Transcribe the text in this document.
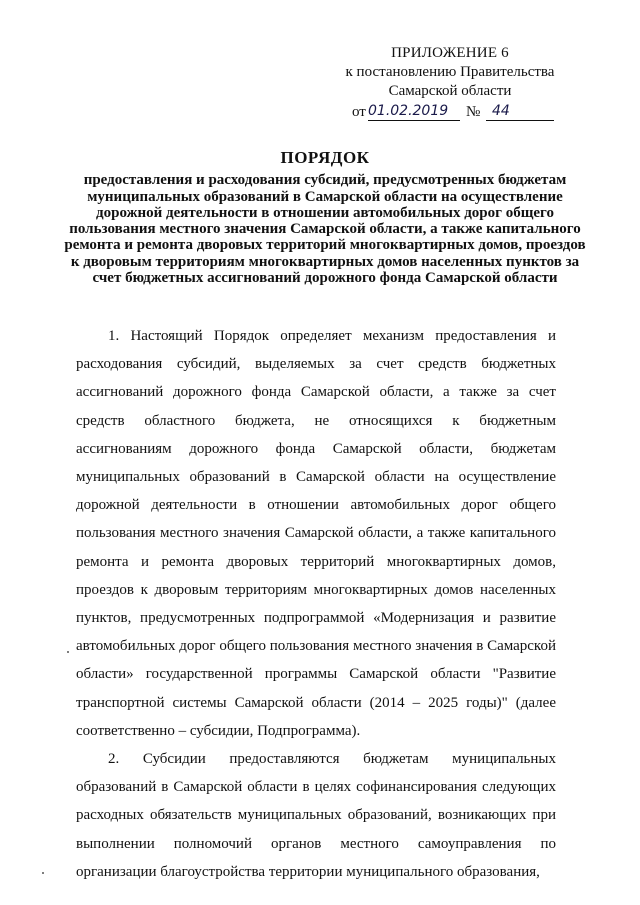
ПРИЛОЖЕНИЕ 6
к постановлению Правительства
Самарской области
от 01.02.2019 № 44
ПОРЯДОК
предоставления и расходования субсидий, предусмотренных бюджетам муниципальных образований в Самарской области на осуществление дорожной деятельности в отношении автомобильных дорог общего пользования местного значения Самарской области, а также капитального ремонта и ремонта дворовых территорий многоквартирных домов, проездов к дворовым территориям многоквартирных домов населенных пунктов за счет бюджетных ассигнований дорожного фонда Самарской области

1. Настоящий Порядок определяет механизм предоставления и расходования субсидий, выделяемых за счет средств бюджетных ассигнований дорожного фонда Самарской области, а также за счет средств областного бюджета, не относящихся к бюджетным ассигнованиям дорожного фонда Самарской области, бюджетам муниципальных образований в Самарской области на осуществление дорожной деятельности в отношении автомобильных дорог общего пользования местного значения Самарской области, а также капитального ремонта и ремонта дворовых территорий многоквартирных домов, проездов к дворовым территориям многоквартирных домов населенных пунктов, предусмотренных подпрограммой «Модернизация и развитие автомобильных дорог общего пользования местного значения в Самарской области» государственной программы Самарской области "Развитие транспортной системы Самарской области (2014 – 2025 годы)" (далее соответственно – субсидии, Подпрограмма).

2. Субсидии предоставляются бюджетам муниципальных образований в Самарской области в целях софинансирования следующих расходных обязательств муниципальных образований, возникающих при выполнении полномочий органов местного самоуправления по организации благоустройства территории муниципального образования,
